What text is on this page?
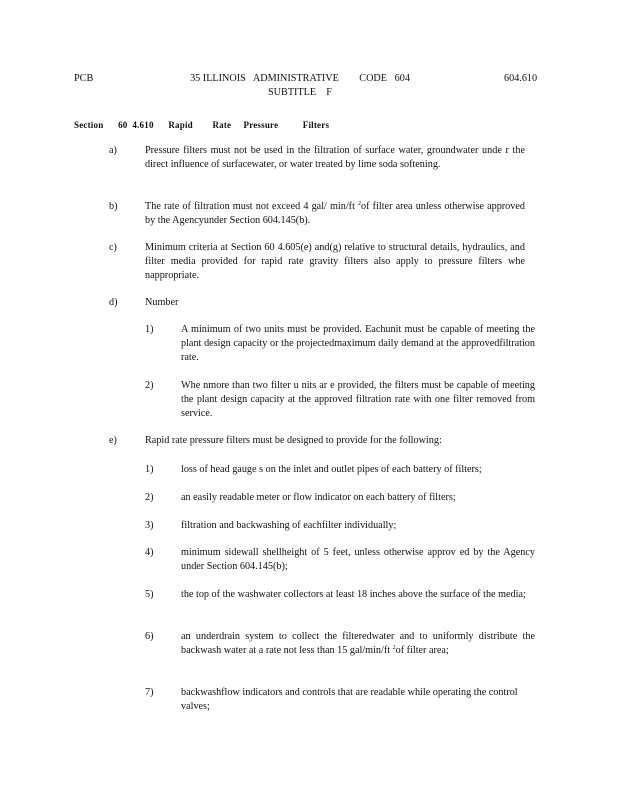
PCB	35 ILLINOIS   ADMINISTRATIVE        CODE   604
SUBTITLE    F
604.610
Section      60  4.610      Rapid        Rate     Pressure          Filters
a)	Pressure filters must not be used in the filtration of surface water, groundwater unde r the direct influence of surfacewater, or water treated by lime soda softening.
b)	The rate of filtration must not exceed 4 gal/ min/ft $^2$of filter area unless otherwise approved by the Agencyunder Section 604.145(b).
c)	Minimum criteria at Section 60 4.605(e) and(g) relative to structural details, hydraulics, and filter media provided for rapid rate gravity filters also apply to pressure filters whe nappropriate.
d)	Number
1)	A minimum of two units must be provided. Eachunit must be capable of meeting the plant design capacity or the projectedmaximum daily demand at the approvedfiltration rate.
2)	Whe nmore than two filter u nits ar e provided, the filters must be capable of meeting the plant design capacity at the approved filtration rate with one filter removed from service.
e)	Rapid rate pressure filters must be designed to provide for the following:
1)	loss of head gauge s on the inlet and outlet pipes of each battery of filters;
2)	an easily readable meter or flow indicator on each battery of filters;
3)	filtration and backwashing of eachfilter individually;
4)	minimum sidewall shellheight of 5 feet, unless otherwise approv ed by the Agency under Section 604.145(b);
5)	the top of the washwater collectors at least 18 inches above the surface of the media;
6)	an underdrain system to collect the filteredwater and to uniformly distribute the backwash water at a rate not less than 15 gal/min/ft $^2$of filter area;
7)	backwashflow indicators and controls that are readable while operating the control valves;
